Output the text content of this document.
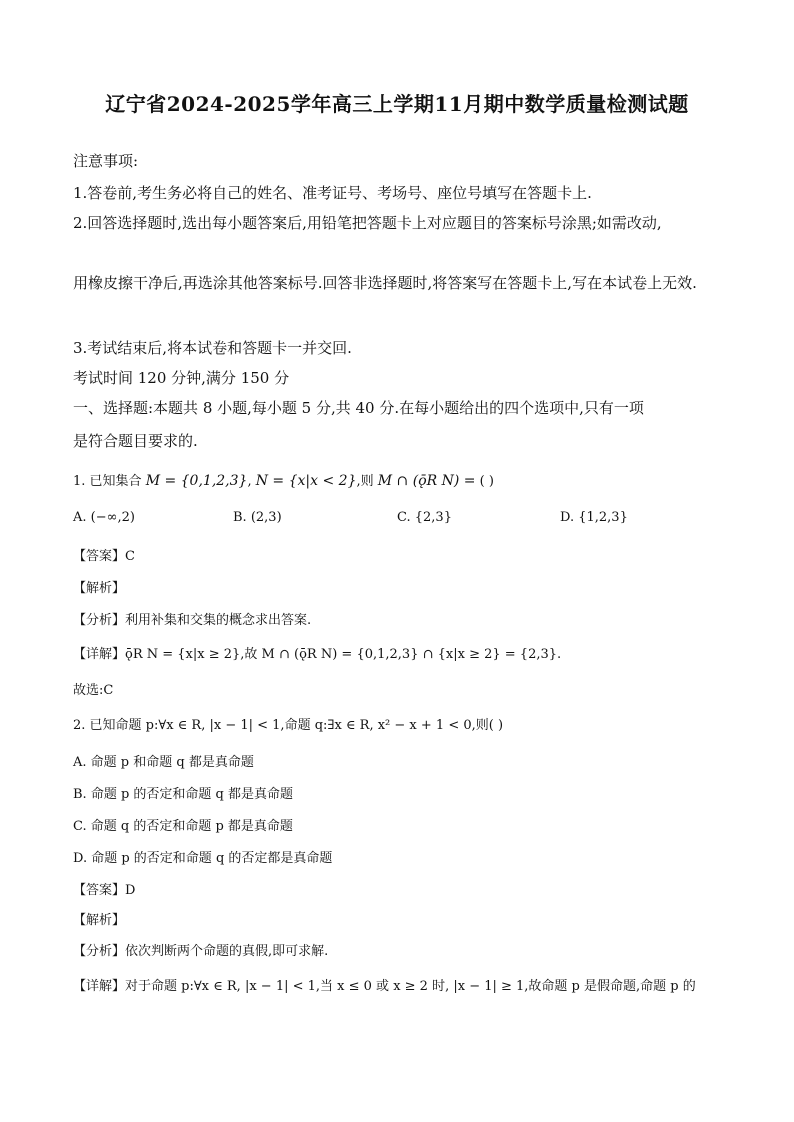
辽宁省2024-2025学年高三上学期11月期中数学质量检测试题
注意事项:
1.答卷前,考生务必将自己的姓名、准考证号、考场号、座位号填写在答题卡上.
2.回答选择题时,选出每小题答案后,用铅笔把答题卡上对应题目的答案标号涂黑;如需改动,
用橡皮擦干净后,再选涂其他答案标号.回答非选择题时,将答案写在答题卡上,写在本试卷上无效.
3.考试结束后,将本试卷和答题卡一并交回.
考试时间 120 分钟,满分 150 分
一、选择题:本题共 8 小题,每小题 5 分,共 40 分.在每小题给出的四个选项中,只有一项
是符合题目要求的.
1. 已知集合 M = {0,1,2,3}, N = {x|x < 2},则 M ∩ (ǭR N) = ( )
A. (−∞,2)	B. (2,3)	C. {2,3}	D. {1,2,3}
【答案】C
【解析】
【分析】利用补集和交集的概念求出答案.
【详解】ǭR N = {x|x ≥ 2},故 M ∩ (ǭR N) = {0,1,2,3} ∩ {x|x ≥ 2} = {2,3}.
故选:C
2. 已知命题 p:∀x ∈ R, |x − 1| < 1,命题 q:∃x ∈ R, x² − x + 1 < 0,则( )
A. 命题 p 和命题 q 都是真命题
B. 命题 p 的否定和命题 q 都是真命题
C. 命题 q 的否定和命题 p 都是真命题
D. 命题 p 的否定和命题 q 的否定都是真命题
【答案】D
【解析】
【分析】依次判断两个命题的真假,即可求解.
【详解】对于命题 p:∀x ∈ R, |x − 1| < 1,当 x ≤ 0 或 x ≥ 2 时, |x − 1| ≥ 1,故命题 p 是假命题,命题 p 的
